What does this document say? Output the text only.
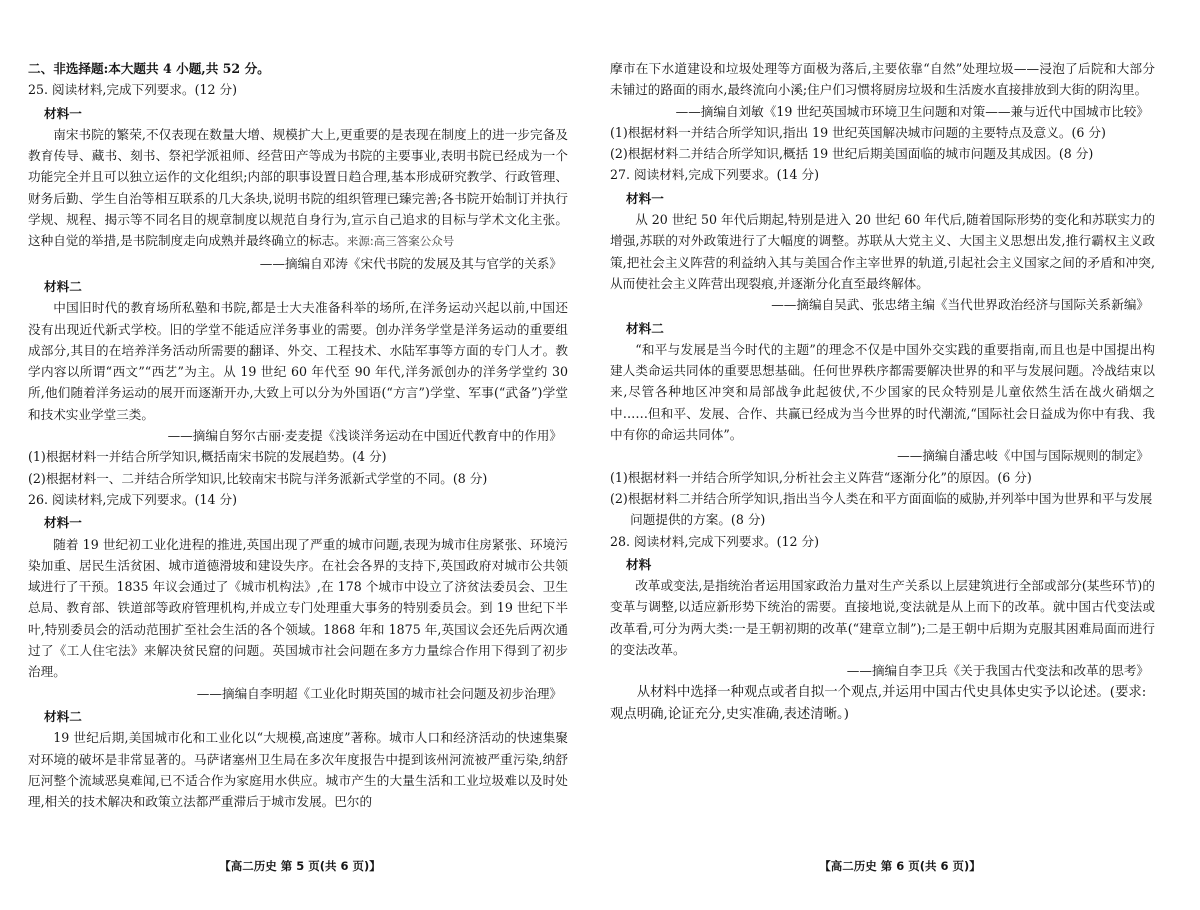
二、非选择题:本大题共 4 小题,共 52 分。

25. 阅读材料,完成下列要求。(12 分)

材料一

南宋书院的繁荣,不仅表现在数量大增、规模扩大上,更重要的是表现在制度上的进一步完备及教育传导、藏书、刻书、祭祀学派祖师、经营田产等成为书院的主要事业,表明书院已经成为一个功能完全并且可以独立运作的文化组织;内部的职事设置日趋合理,基本形成研究教学、行政管理、财务后勤、学生自治等相互联系的几大条块,说明书院的组织管理已臻完善;各书院开始制订并执行学规、规程、揭示等不同名目的规章制度以规范自身行为,宣示自己追求的目标与学术文化主张。这种自觉的举措,是书院制度走向成熟并最终确立的标志。来源:高三答案公众号

——摘编自邓涛《宋代书院的发展及其与官学的关系》

材料二

中国旧时代的教育场所私塾和书院,都是士大夫准备科举的场所,在洋务运动兴起以前,中国还没有出现近代新式学校。旧的学堂不能适应洋务事业的需要。创办洋务学堂是洋务运动的重要组成部分,其目的在培养洋务活动所需要的翻译、外交、工程技术、水陆军事等方面的专门人才。教学内容以所谓“西文”“西艺”为主。从 19 世纪 60 年代至 90 年代,洋务派创办的洋务学堂约 30 所,他们随着洋务运动的展开而逐渐开办,大致上可以分为外国语(“方言”)学堂、军事(“武备”)学堂和技术实业学堂三类。

——摘编自努尔古丽·麦麦提《浅谈洋务运动在中国近代教育中的作用》

(1)根据材料一并结合所学知识,概括南宋书院的发展趋势。(4 分)

(2)根据材料一、二并结合所学知识,比较南宋书院与洋务派新式学堂的不同。(8 分)

26. 阅读材料,完成下列要求。(14 分)

材料一

随着 19 世纪初工业化进程的推进,英国出现了严重的城市问题,表现为城市住房紧张、环境污染加重、居民生活贫困、城市道德滑坡和建设失序。在社会各界的支持下,英国政府对城市公共领域进行了干预。1835 年议会通过了《城市机构法》,在 178 个城市中设立了济贫法委员会、卫生总局、教育部、铁道部等政府管理机构,并成立专门处理重大事务的特别委员会。到 19 世纪下半叶,特别委员会的活动范围扩至社会生活的各个领域。1868 年和 1875 年,英国议会还先后两次通过了《工人住宅法》来解决贫民窟的问题。英国城市社会问题在多方力量综合作用下得到了初步治理。

——摘编自李明超《工业化时期英国的城市社会问题及初步治理》

材料二

19 世纪后期,美国城市化和工业化以“大规模,高速度”著称。城市人口和经济活动的快速集聚对环境的破坏是非常显著的。马萨诸塞州卫生局在多次年度报告中提到该州河流被严重污染,纳舒厄河整个流域恶臭难闻,已不适合作为家庭用水供应。城市产生的大量生活和工业垃圾难以及时处理,相关的技术解决和政策立法都严重滞后于城市发展。巴尔的

【高二历史 第 5 页(共 6 页)】

摩市在下水道建设和垃圾处理等方面极为落后,主要依靠“自然”处理垃圾——浸泡了后院和大部分未铺过的路面的雨水,最终流向小溪;住户们习惯将厨房垃圾和生活废水直接排放到大街的阴沟里。

——摘编自刘敏《19 世纪英国城市环境卫生问题和对策——兼与近代中国城市比较》

(1)根据材料一并结合所学知识,指出 19 世纪英国解决城市问题的主要特点及意义。(6 分)

(2)根据材料二并结合所学知识,概括 19 世纪后期美国面临的城市问题及其成因。(8 分)

27. 阅读材料,完成下列要求。(14 分)

材料一

从 20 世纪 50 年代后期起,特别是进入 20 世纪 60 年代后,随着国际形势的变化和苏联实力的增强,苏联的对外政策进行了大幅度的调整。苏联从大党主义、大国主义思想出发,推行霸权主义政策,把社会主义阵营的利益纳入其与美国合作主宰世界的轨道,引起社会主义国家之间的矛盾和冲突,从而使社会主义阵营出现裂痕,并逐渐分化直至最终解体。

——摘编自吴武、张忠绪主编《当代世界政治经济与国际关系新编》

材料二

“和平与发展是当今时代的主题”的理念不仅是中国外交实践的重要指南,而且也是中国提出构建人类命运共同体的重要思想基础。任何世界秩序都需要解决世界的和平与发展问题。冷战结束以来,尽管各种地区冲突和局部战争此起彼伏,不少国家的民众特别是儿童依然生活在战火硝烟之中……但和平、发展、合作、共赢已经成为当今世界的时代潮流,“国际社会日益成为你中有我、我中有你的命运共同体”。

——摘编自潘忠岐《中国与国际规则的制定》

(1)根据材料一并结合所学知识,分析社会主义阵营“逐渐分化”的原因。(6 分)

(2)根据材料二并结合所学知识,指出当今人类在和平方面面临的威胁,并列举中国为世界和平与发展问题提供的方案。(8 分)

28. 阅读材料,完成下列要求。(12 分)

材料

改革或变法,是指统治者运用国家政治力量对生产关系以上层建筑进行全部或部分(某些环节)的变革与调整,以适应新形势下统治的需要。直接地说,变法就是从上而下的改革。就中国古代变法或改革看,可分为两大类:一是王朝初期的改革(“建章立制”);二是王朝中后期为克服其困难局面而进行的变法改革。

——摘编自李卫兵《关于我国古代变法和改革的思考》

从材料中选择一种观点或者自拟一个观点,并运用中国古代史具体史实予以论述。(要求:观点明确,论证充分,史实准确,表述清晰。)

【高二历史 第 6 页(共 6 页)】
